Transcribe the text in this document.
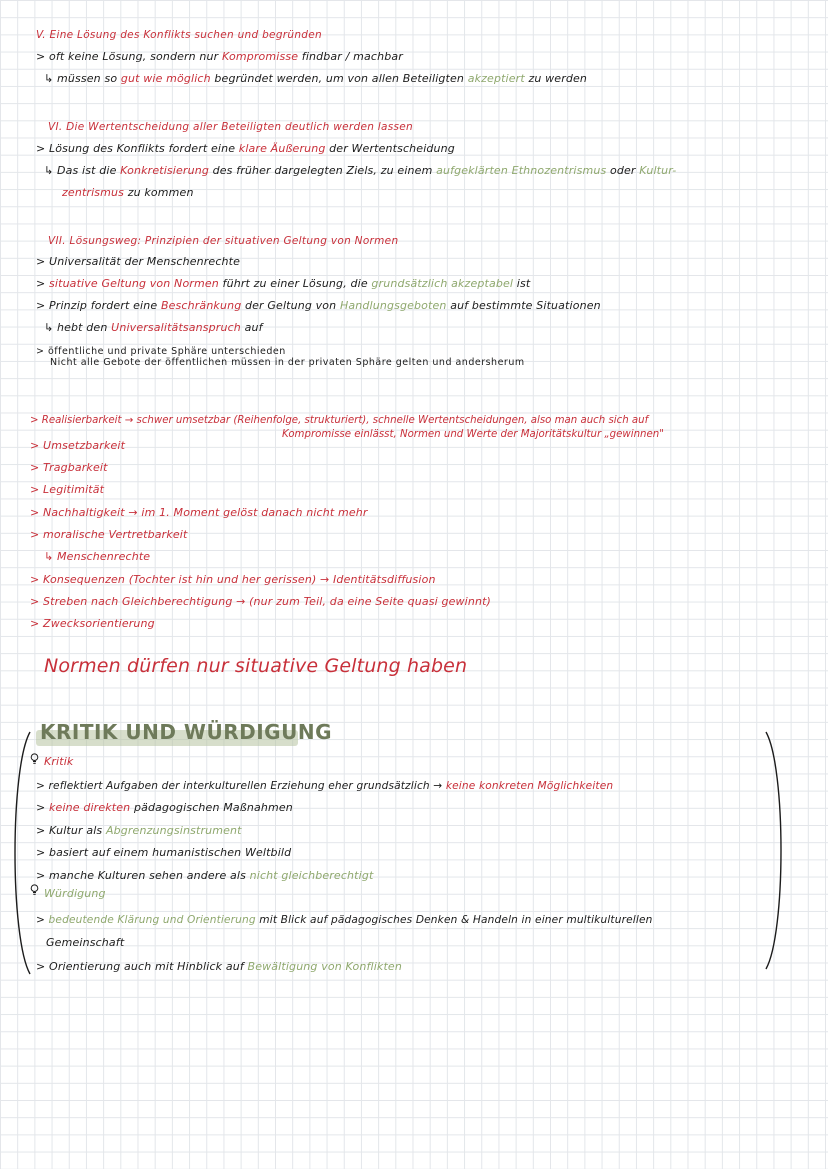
V. Eine Lösung des Konflikts suchen und begründen
> oft keine Lösung, sondern nur Kompromisse findbar / machbar
↳ müssen so gut wie möglich begründet werden, um von allen Beteiligten akzeptiert zu werden
VI. Die Wertentscheidung aller Beteiligten deutlich werden lassen
> Lösung des Konflikts fordert eine klare Äußerung der Wertentscheidung
↳ Das ist die Konkretisierung des früher dargelegten Ziels, zu einem aufgeklärten Ethnozentrismus oder Kultur-
zentrismus zu kommen
VII. Lösungsweg: Prinzipien der situativen Geltung von Normen
> Universalität der Menschenrechte
> situative Geltung von Normen führt zu einer Lösung, die grundsätzlich akzeptabel ist
> Prinzip fordert eine Beschränkung der Geltung von Handlungsgeboten auf bestimmte Situationen
↳ hebt den Universalitätsanspruch auf
> öffentliche und private Sphäre unterschieden
Nicht alle Gebote der öffentlichen müssen in der privaten Sphäre gelten und andersherum
> Realisierbarkeit → schwer umsetzbar (Reihenfolge, strukturiert), schnelle Wertentscheidungen, also man auch sich auf
Kompromisse einlässt, Normen und Werte der Majoritätskultur „gewinnen"
> Umsetzbarkeit
> Tragbarkeit
> Legitimität
> Nachhaltigkeit → im 1. Moment gelöst danach nicht mehr
> moralische Vertretbarkeit
↳ Menschenrechte
> Konsequenzen (Tochter ist hin und her gerissen) → Identitätsdiffusion
> Streben nach Gleichberechtigung → (nur zum Teil, da eine Seite quasi gewinnt)
> Zwecksorientierung
Normen dürfen nur situative Geltung haben
KRITIK UND WÜRDIGUNG
Kritik
> reflektiert Aufgaben der interkulturellen Erziehung eher grundsätzlich → keine konkreten Möglichkeiten
> keine direkten pädagogischen Maßnahmen
> Kultur als Abgrenzungsinstrument
> basiert auf einem humanistischen Weltbild
> manche Kulturen sehen andere als nicht gleichberechtigt
Würdigung
> bedeutende Klärung und Orientierung mit Blick auf pädagogisches Denken & Handeln in einer multikulturellen
Gemeinschaft
> Orientierung auch mit Hinblick auf Bewältigung von Konflikten
